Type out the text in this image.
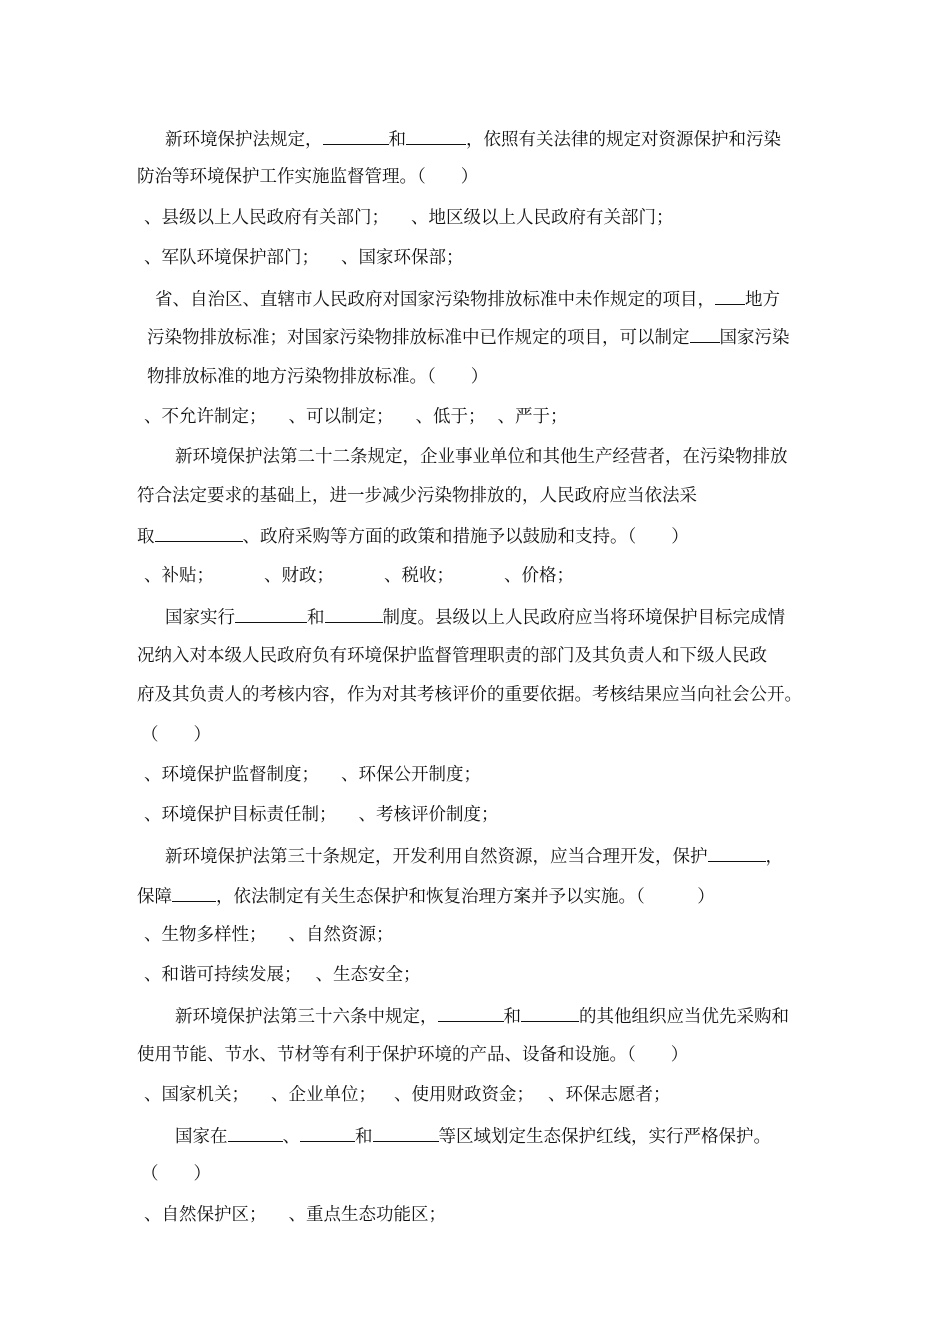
新环境保护法规定，	和	，依照有关法律的规定对资源保护和污染
防治等环境保护工作实施监督管理。（　　）
、县级以上人民政府有关部门； 、地区级以上人民政府有关部门；
、军队环境保护部门； 、国家环保部；
省、自治区、直辖市人民政府对国家污染物排放标准中未作规定的项目， 地方
污染物排放标准；对国家污染物排放标准中已作规定的项目，可以制定 国家污染
物排放标准的地方污染物排放标准。（　　）
、不允许制定； 、可以制定； 、低于； 、严于；
新环境保护法第二十二条规定，企业事业单位和其他生产经营者，在污染物排放
符合法定要求的基础上，进一步减少污染物排放的，人民政府应当依法采
取	、政府采购等方面的政策和措施予以鼓励和支持。（　　）
、补贴；	、财政；	、税收；	、价格；
国家实行	和	制度。县级以上人民政府应当将环境保护目标完成情
况纳入对本级人民政府负有环境保护监督管理职责的部门及其负责人和下级人民政
府及其负责人的考核内容，作为对其考核评价的重要依据。考核结果应当向社会公开。
（　　）
、环境保护监督制度； 、环保公开制度；
、环境保护目标责任制； 、考核评价制度；
新环境保护法第三十条规定，开发利用自然资源，应当合理开发，保护	，
保障	，依法制定有关生态保护和恢复治理方案并予以实施。（　　　）
、生物多样性； 、自然资源；
、和谐可持续发展； 、生态安全；
新环境保护法第三十六条中规定，	和	的其他组织应当优先采购和
使用节能、节水、节材等有利于保护环境的产品、设备和设施。（　　）
、国家机关； 、企业单位； 、使用财政资金； 、环保志愿者；
国家在	、	和	等区域划定生态保护红线，实行严格保护。
（　　）
、自然保护区； 、重点生态功能区；
